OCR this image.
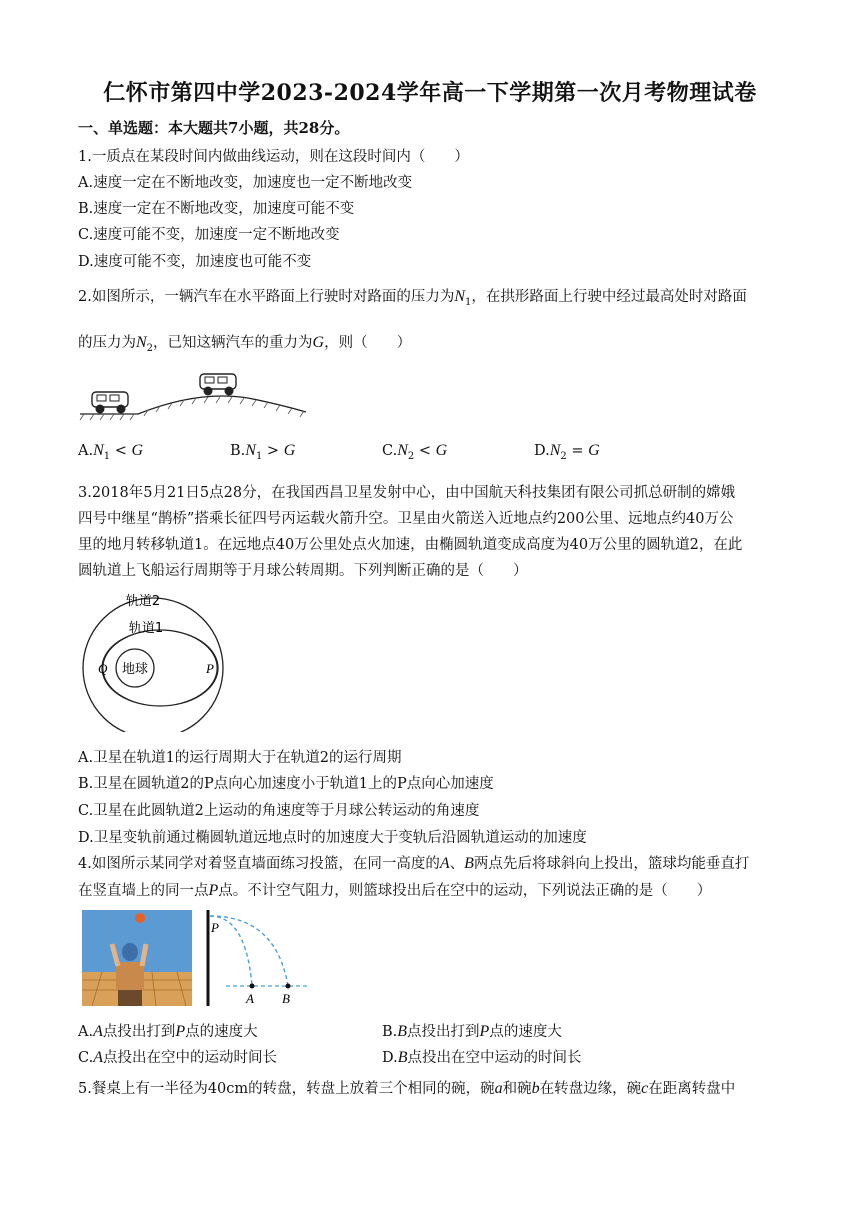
仁怀市第四中学2023-2024学年高一下学期第一次月考物理试卷
一、单选题：本大题共7小题，共28分。
1.一质点在某段时间内做曲线运动，则在这段时间内（　　）
A.速度一定在不断地改变，加速度也一定不断地改变
B.速度一定在不断地改变，加速度可能不变
C.速度可能不变，加速度一定不断地改变
D.速度可能不变，加速度也可能不变
2.如图所示，一辆汽车在水平路面上行驶时对路面的压力为$N_1$，在拱形路面上行驶中经过最高处时对路面
的压力为$N_2$，已知这辆汽车的重力为G，则（　　）
$A.N_1 < G$	$B.N_1 > G$	$C.N_2 < G$	$D.N_2 = G$
3.2018年5月21日5点28分，在我国西昌卫星发射中心，由中国航天科技集团有限公司抓总研制的嫦娥
四号中继星“鹊桥”搭乘长征四号丙运载火箭升空。卫星由火箭送入近地点约200公里、远地点约40万公
里的地月转移轨道1。在远地点40万公里处点火加速，由椭圆轨道变成高度为40万公里的圆轨道2，在此
圆轨道上飞船运行周期等于月球公转周期。下列判断正确的是（　　）
地球
轨道2
轨道1
Q	P
A.卫星在轨道1的运行周期大于在轨道2的运行周期
B.卫星在圆轨道2的P点向心加速度小于轨道1上的P点向心加速度
C.卫星在此圆轨道2上运动的角速度等于月球公转运动的角速度
D.卫星变轨前通过椭圆轨道远地点时的加速度大于变轨后沿圆轨道运动的加速度
4.如图所示某同学对着竖直墙面练习投篮，在同一高度的A、B两点先后将球斜向上投出，篮球均能垂直打
在竖直墙上的同一点P点。不计空气阻力，则篮球投出后在空中的运动，下列说法正确的是（　　）
P
A B
A.A点投出打到P点的速度大	B.B点投出打到P点的速度大
C.A点投出在空中的运动时间长	D.B点投出在空中运动的时间长
5.餐桌上有一半径为40cm的转盘，转盘上放着三个相同的碗，碗a和碗b在转盘边缘，碗c在距离转盘中
